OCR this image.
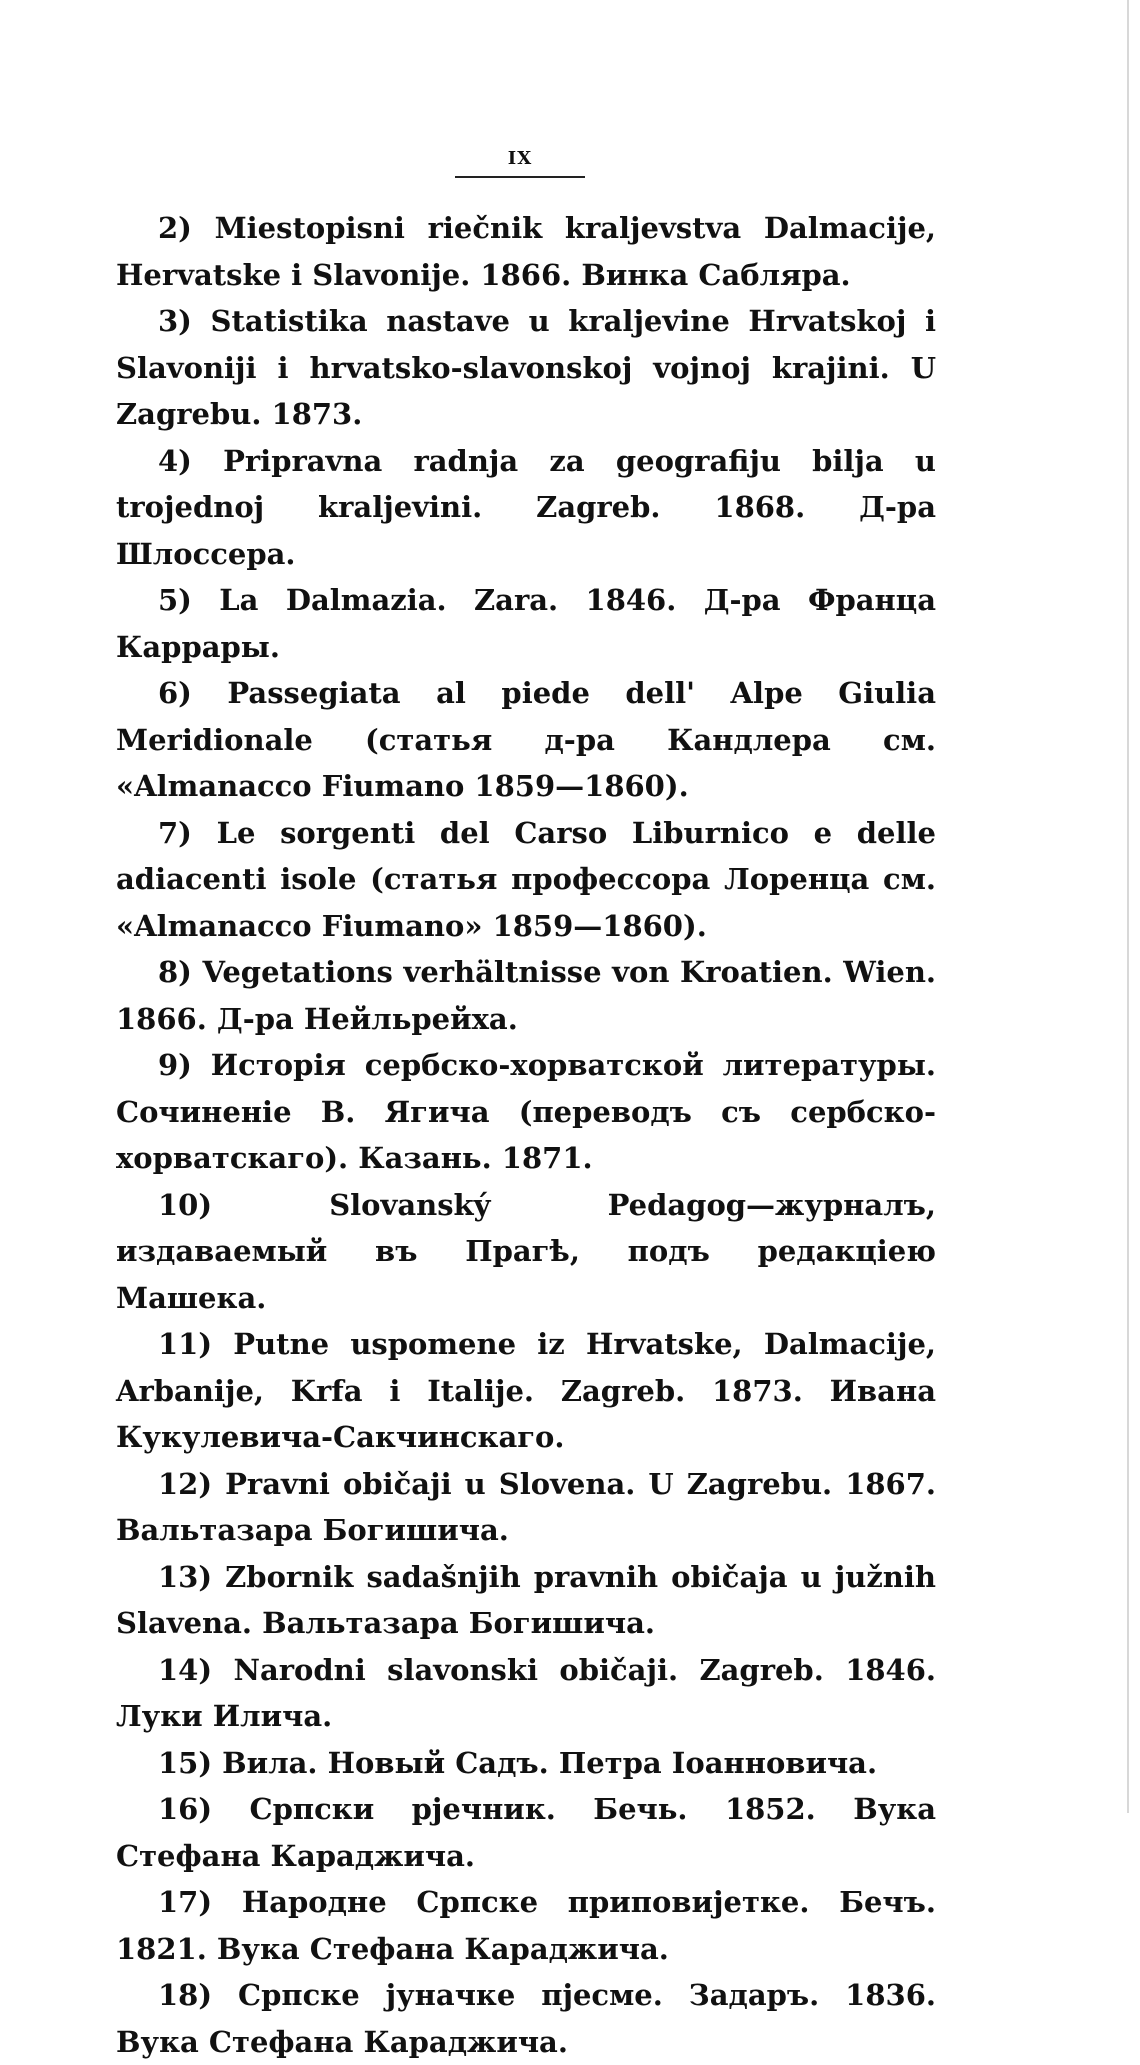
IX

2) Miestopisni riečnik kraljevstva Dalmacije, Hervatske i Slavonije. 1866. Винка Сабляра.

3) Statistika nastave u kraljevine Hrvatskoj i Slavoniji i hrvatsko-slavonskoj vojnoj krajini. U Zagrebu. 1873.

4) Pripravna radnja za geografiju bilja u trojednoj kraljevini. Zagreb. 1868. Д-ра Шлоссера.

5) La Dalmazia. Zara. 1846. Д-ра Франца Каррары.

6) Passegiata al piede dell' Alpe Giulia Meridionale (статья д-ра Кандлера см. «Almanacco Fiumano 1859—1860).

7) Le sorgenti del Carso Liburnico e delle adiacenti isole (статья профессора Лоренца см. «Almanacco Fiumano» 1859—1860).

8) Vegetations verhältnisse von Kroatien. Wien. 1866. Д-ра Нейльрейха.

9) Исторія сербско-хорватской литературы. Сочиненіе В. Ягича (переводъ съ сербско-хорватскаго). Казань. 1871.

10) Slovanský Pedagog—журналъ, издаваемый въ Прагѣ, подъ редакціею Машека.

11) Putne uspomene iz Hrvatske, Dalmacije, Arbanije, Krfa i Italije. Zagreb. 1873. Ивана Кукулевича-Сакчинскаго.

12) Pravni običaji u Slovena. U Zagrebu. 1867. Вальтазара Богишича.

13) Zbornik sadašnjih pravnih običaja u južnih Slavena. Вальтазара Богишича.

14) Narodni slavonski običaji. Zagreb. 1846. Луки Илича.

15) Вила. Новый Садъ. Петра Іоанновича.

16) Српски рјечник. Бечь. 1852. Вука Стефана Караджича.

17) Народне Српске приповиjетке. Бечъ. 1821. Вука Стефана Караджича.

18) Српске јуначке пјесме. Задаръ. 1836. Вука Стефана Караджича.
